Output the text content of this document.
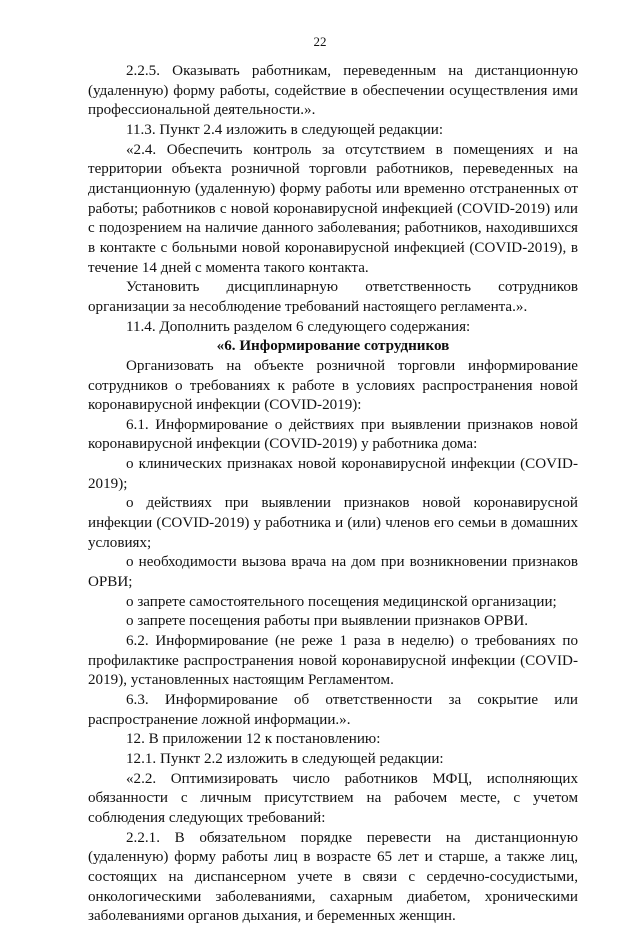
22

2.2.5. Оказывать работникам, переведенным на дистанционную (удаленную) форму работы, содействие в обеспечении осуществления ими профессиональной деятельности.».

11.3. Пункт 2.4 изложить в следующей редакции:

«2.4. Обеспечить контроль за отсутствием в помещениях и на территории объекта розничной торговли работников, переведенных на дистанционную (удаленную) форму работы или временно отстраненных от работы; работников с новой коронавирусной инфекцией (COVID-2019) или с подозрением на наличие данного заболевания; работников, находившихся в контакте с больными новой коронавирусной инфекцией (COVID-2019), в течение 14 дней с момента такого контакта.

Установить дисциплинарную ответственность сотрудников организации за несоблюдение требований настоящего регламента.».

11.4. Дополнить разделом 6 следующего содержания:

«6. Информирование сотрудников

Организовать на объекте розничной торговли информирование сотрудников о требованиях к работе в условиях распространения новой коронавирусной инфекции (COVID-2019):

6.1. Информирование о действиях при выявлении признаков новой коронавирусной инфекции (COVID-2019) у работника дома:

о клинических признаках новой коронавирусной инфекции (COVID-2019);

о действиях при выявлении признаков новой коронавирусной инфекции (COVID-2019) у работника и (или) членов его семьи в домашних условиях;

о необходимости вызова врача на дом при возникновении признаков ОРВИ;

о запрете самостоятельного посещения медицинской организации;

о запрете посещения работы при выявлении признаков ОРВИ.

6.2. Информирование (не реже 1 раза в неделю) о требованиях по профилактике распространения новой коронавирусной инфекции (COVID-2019), установленных настоящим Регламентом.

6.3. Информирование об ответственности за сокрытие или распространение ложной информации.».

12. В приложении 12 к постановлению:

12.1. Пункт 2.2 изложить в следующей редакции:

«2.2. Оптимизировать число работников МФЦ, исполняющих обязанности с личным присутствием на рабочем месте, с учетом соблюдения следующих требований:

2.2.1. В обязательном порядке перевести на дистанционную (удаленную) форму работы лиц в возрасте 65 лет и старше, а также лиц, состоящих на диспансерном учете в связи с сердечно-сосудистыми, онкологическими заболеваниями, сахарным диабетом, хроническими заболеваниями органов дыхания, и беременных женщин.
